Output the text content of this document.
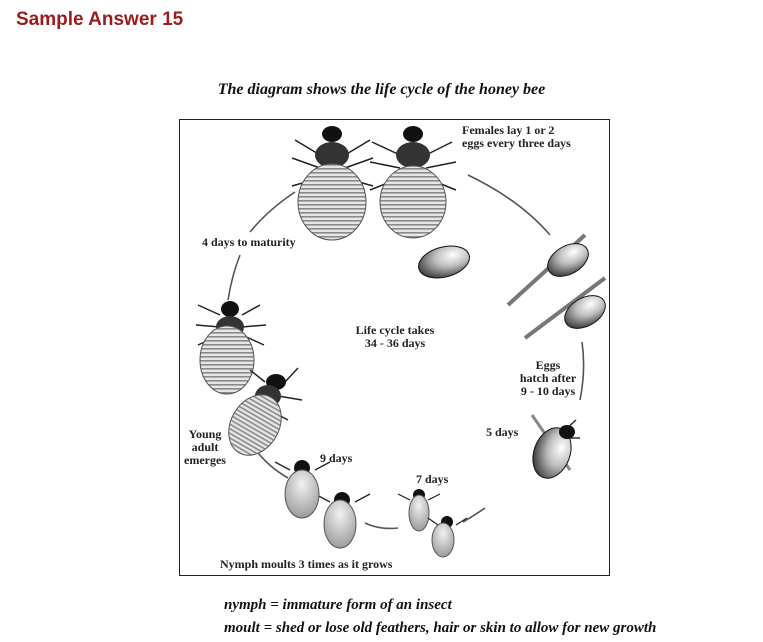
Sample Answer 15
The diagram shows the life cycle of the honey bee
Females lay 1 or 2
eggs every three days
4 days to maturity
Life cycle takes
34 - 36 days
Eggs
hatch after
9 - 10 days
5 days
Young
adult
emerges	9 days
7 days
Nymph moults 3 times as it grows
nymph = immature form of an insect
moult = shed or lose old feathers, hair or skin to allow for new growth
